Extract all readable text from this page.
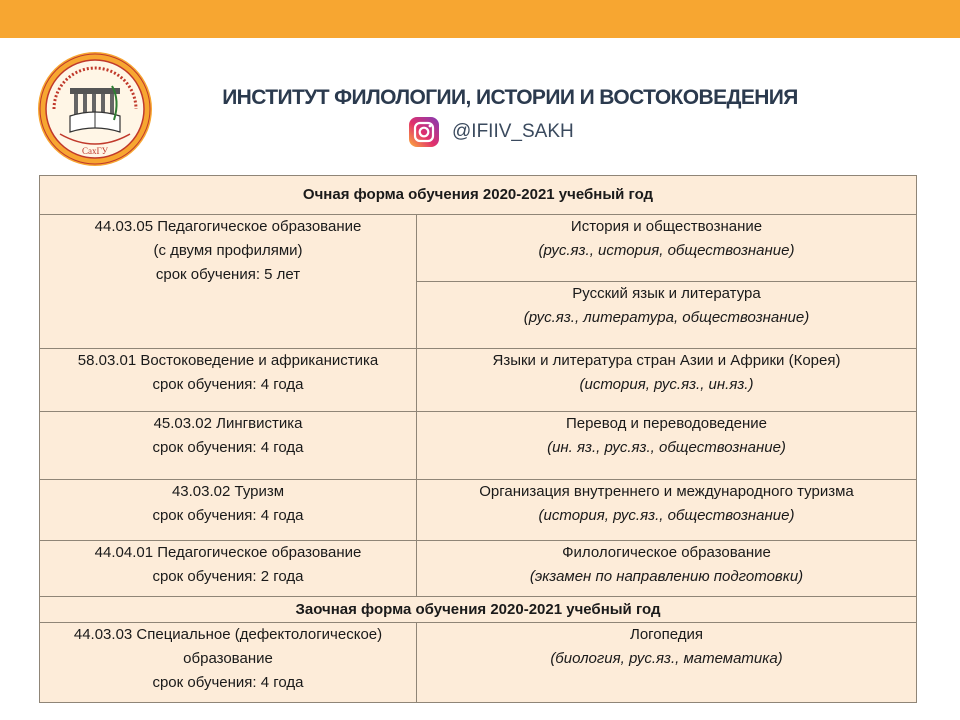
СахГУ
ИНСТИТУТ ФИЛОЛОГИИ, ИСТОРИИ И ВОСТОКОВЕДЕНИЯ
@IFIIV_SAKH
Очная форма обучения 2020-2021 учебный год	

44.03.05 Педагогическое образование
(с двумя профилями)
срок обучения: 5 лет	История и обществознание
(рус.яз., история, обществознание)

	Русский язык и литература
(рус.яз., литература, обществознание)

58.03.01 Востоковедение и африканистика
срок обучения: 4 года	Языки и литература стран Азии и Африки (Корея)
(история, рус.яз., ин.яз.)

45.03.02 Лингвистика
срок обучения: 4 года	Перевод и переводоведение
(ин. яз., рус.яз., обществознание)

43.03.02 Туризм
срок обучения: 4 года	Организация внутреннего и международного туризма
(история, рус.яз., обществознание)

44.04.01 Педагогическое образование
срок обучения: 2 года	Филологическое образование
(экзамен по направлению подготовки)

Заочная форма обучения 2020-2021 учебный год	

44.03.03 Специальное (дефектологическое)
образование
срок обучения: 4 года	Логопедия
(биология, рус.яз., математика)
